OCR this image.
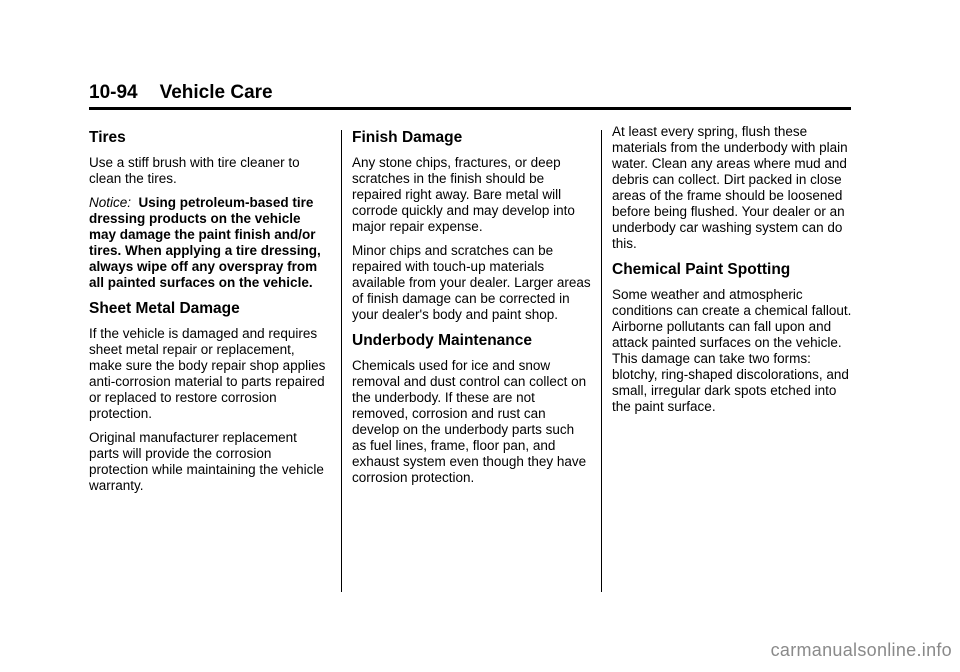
10-94 Vehicle Care
Tires

Use a stiff brush with tire cleaner to clean the tires.

Notice: Using petroleum-based tire dressing products on the vehicle may damage the paint finish and/or tires. When applying a tire dressing, always wipe off any overspray from all painted surfaces on the vehicle.

Sheet Metal Damage

If the vehicle is damaged and requires sheet metal repair or replacement, make sure the body repair shop applies anti-corrosion material to parts repaired or replaced to restore corrosion protection.

Original manufacturer replacement parts will provide the corrosion protection while maintaining the vehicle warranty.

Finish Damage

Any stone chips, fractures, or deep scratches in the finish should be repaired right away. Bare metal will corrode quickly and may develop into major repair expense.

Minor chips and scratches can be repaired with touch-up materials available from your dealer. Larger areas of finish damage can be corrected in your dealer's body and paint shop.

Underbody Maintenance

Chemicals used for ice and snow removal and dust control can collect on the underbody. If these are not removed, corrosion and rust can develop on the underbody parts such as fuel lines, frame, floor pan, and exhaust system even though they have corrosion protection.

At least every spring, flush these materials from the underbody with plain water. Clean any areas where mud and debris can collect. Dirt packed in close areas of the frame should be loosened before being flushed. Your dealer or an underbody car washing system can do this.

Chemical Paint Spotting

Some weather and atmospheric conditions can create a chemical fallout. Airborne pollutants can fall upon and attack painted surfaces on the vehicle. This damage can take two forms: blotchy, ring-shaped discolorations, and small, irregular dark spots etched into the paint surface.

carmanualsonline.info
